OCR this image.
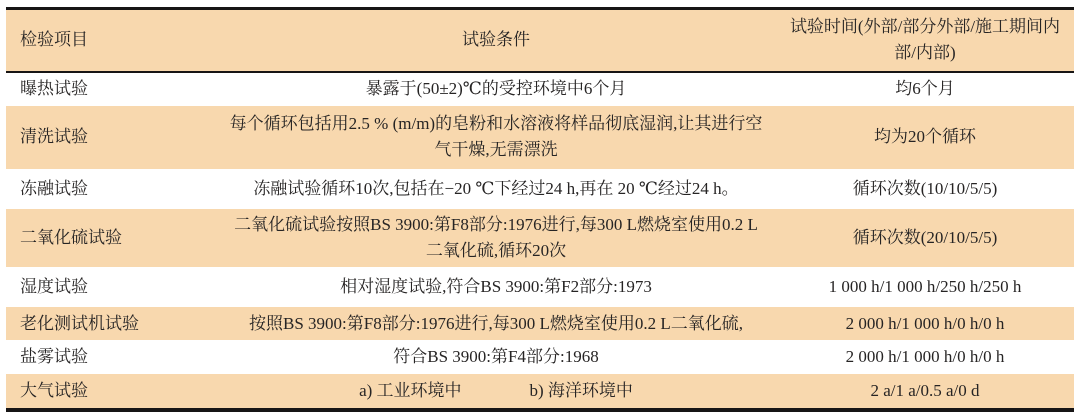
检验项目	试验条件	试验时间(外部/部分外部/施工期间内部/内部)
曝热试验	暴露于(50±2)℃的受控环境中6个月	均6个月
清洗试验	每个循环包括用2.5 % (m/m)的皂粉和水溶液将样品彻底湿润,让其进行空气干燥,无需漂洗	均为20个循环
冻融试验	冻融试验循环10次,包括在−20 ℃下经过24 h,再在 20 ℃经过24 h。	循环次数(10/10/5/5)
二氧化硫试验	二氧化硫试验按照BS 3900:第F8部分:1976进行,每300 L燃烧室使用0.2 L二氧化硫,循环20次	循环次数(20/10/5/5)
湿度试验	相对湿度试验,符合BS 3900:第F2部分:1973	1 000 h/1 000 h/250 h/250 h
老化测试机试验	按照BS 3900:第F8部分:1976进行,每300 L燃烧室使用0.2 L二氧化硫,	2 000 h/1 000 h/0 h/0 h
盐雾试验	符合BS 3900:第F4部分:1968	2 000 h/1 000 h/0 h/0 h
大气试验	a) 工业环境中    b) 海洋环境中	2 a/1 a/0.5 a/0 d
